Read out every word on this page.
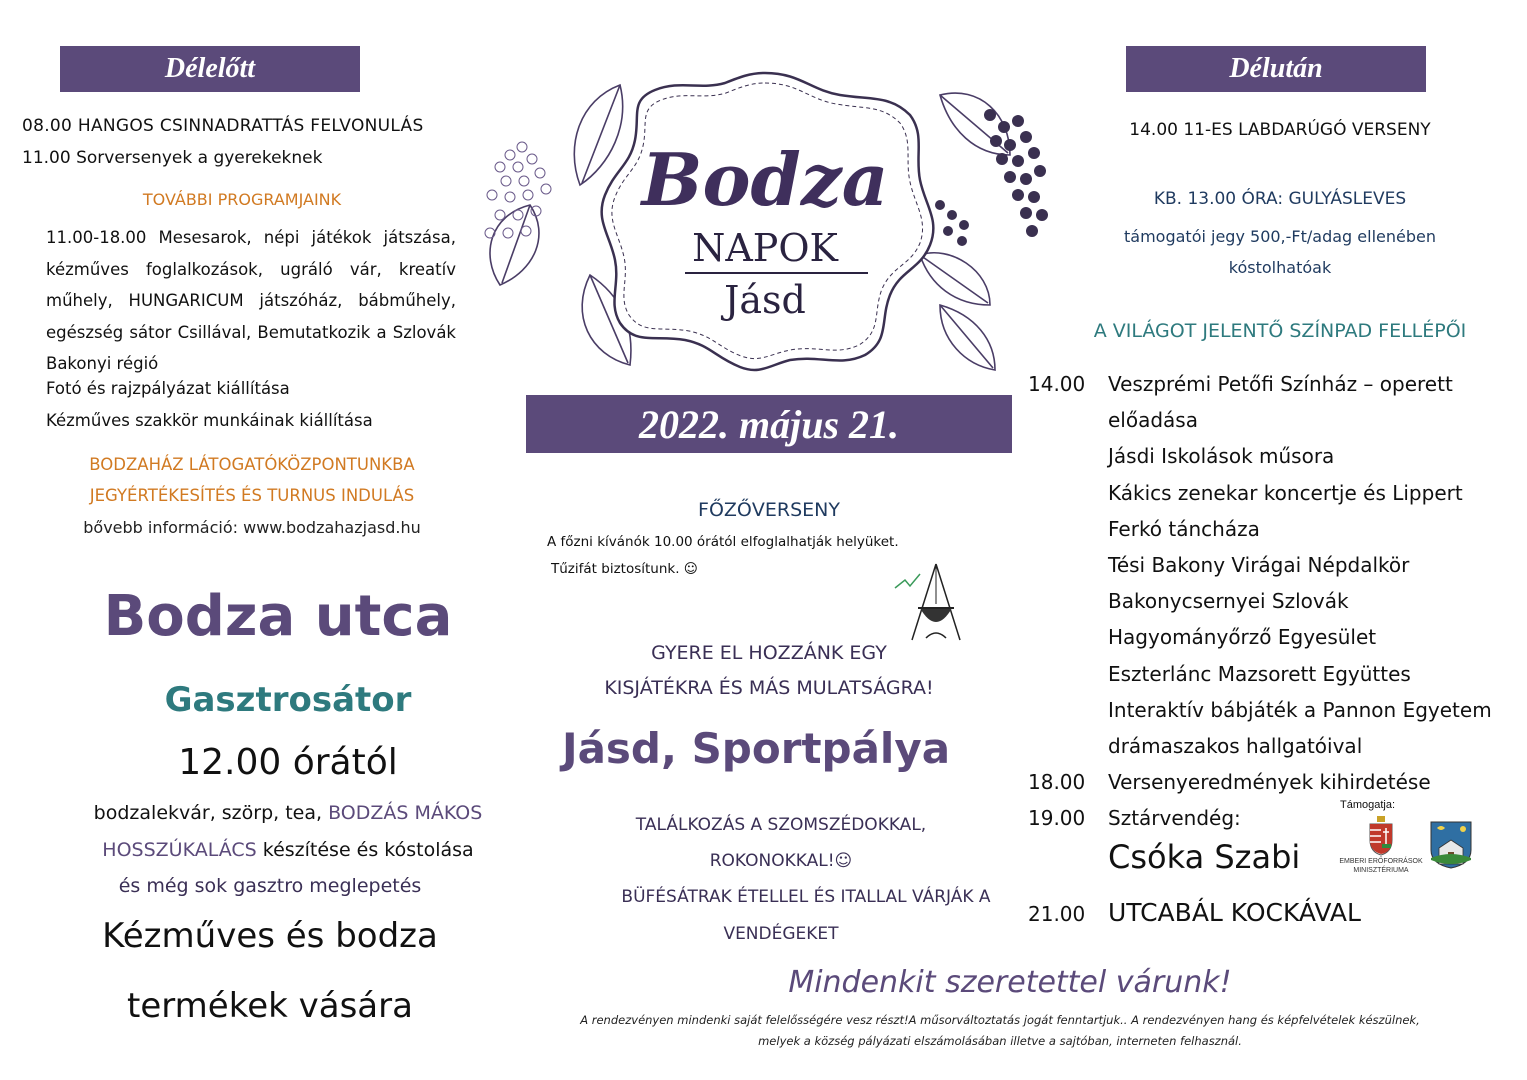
Délelőtt
08.00 HANGOS CSINNADRATTÁS FELVONULÁS
11.00 Sorversenyek a gyerekeknek
TOVÁBBI PROGRAMJAINK
11.00-18.00 Mesesarok, népi játékok játszása, kézműves foglalkozások, ugráló vár, kreatív műhely, HUNGARICUM játszóház, bábműhely, egészség sátor Csillával, Bemutatkozik a Szlovák Bakonyi régió
Fotó és rajzpályázat kiállítása
Kézműves szakkör munkáinak kiállítása
BODZAHÁZ LÁTOGATÓKÖZPONTUNKBA
JEGYÉRTÉKESÍTÉS ÉS TURNUS INDULÁS
bővebb információ: www.bodzahazjasd.hu
Bodza utca
Gasztrosátor
12.00 órától
bodzalekvár, szörp, tea, BODZÁS MÁKOS
HOSSZÚKALÁCS készítése és kóstolása
és még sok gasztro meglepetés
Kézműves és bodza
termékek vására
Bodza
NAPOK
Jásd
2022. május 21.
FŐZŐVERSENY
A főzni kívánók 10.00 órától elfoglalhatják helyüket.
Tűzifát biztosítunk. ☺
GYERE EL HOZZÁNK EGY
KISJÁTÉKRA ÉS MÁS MULATSÁGRA!
Jásd, Sportpálya
TALÁLKOZÁS A SZOMSZÉDOKKAL,
ROKONOKKAL!☺
BÜFÉSÁTRAK ÉTELLEL ÉS ITALLAL VÁRJÁK A
VENDÉGEKET
Délután
14.00 11-ES LABDARÚGÓ VERSENY
KB. 13.00 ÓRA: GULYÁSLEVES
támogatói jegy 500,-Ft/adag ellenében
kóstolhatóak
A VILÁGOT JELENTŐ SZÍNPAD FELLÉPŐI
14.00	Veszprémi Petőfi Színház – operett
előadása
Jásdi Iskolások műsora
Kákics zenekar koncertje és Lippert
Ferkó táncháza
Tési Bakony Virágai Népdalkör
Bakonycsernyei Szlovák
Hagyományőrző Egyesület
Eszterlánc Mazsorett Együttes
Interaktív bábjáték a Pannon Egyetem
drámaszakos hallgatóival
18.00	Versenyeredmények kihirdetése
19.00	Sztárvendég:
Csóka Szabi
21.00 UTCABÁL KOCKÁVAL
Támogatja:
EMBERI ERŐFORRÁSOK
MINISZTÉRIUMA
Mindenkit szeretettel várunk!
A rendezvényen mindenki saját felelősségére vesz részt!A műsorváltoztatás jogát fenntartjuk.. A rendezvényen hang és képfelvételek készülnek,
melyek a község pályázati elszámolásában illetve a sajtóban, interneten felhasznál.
